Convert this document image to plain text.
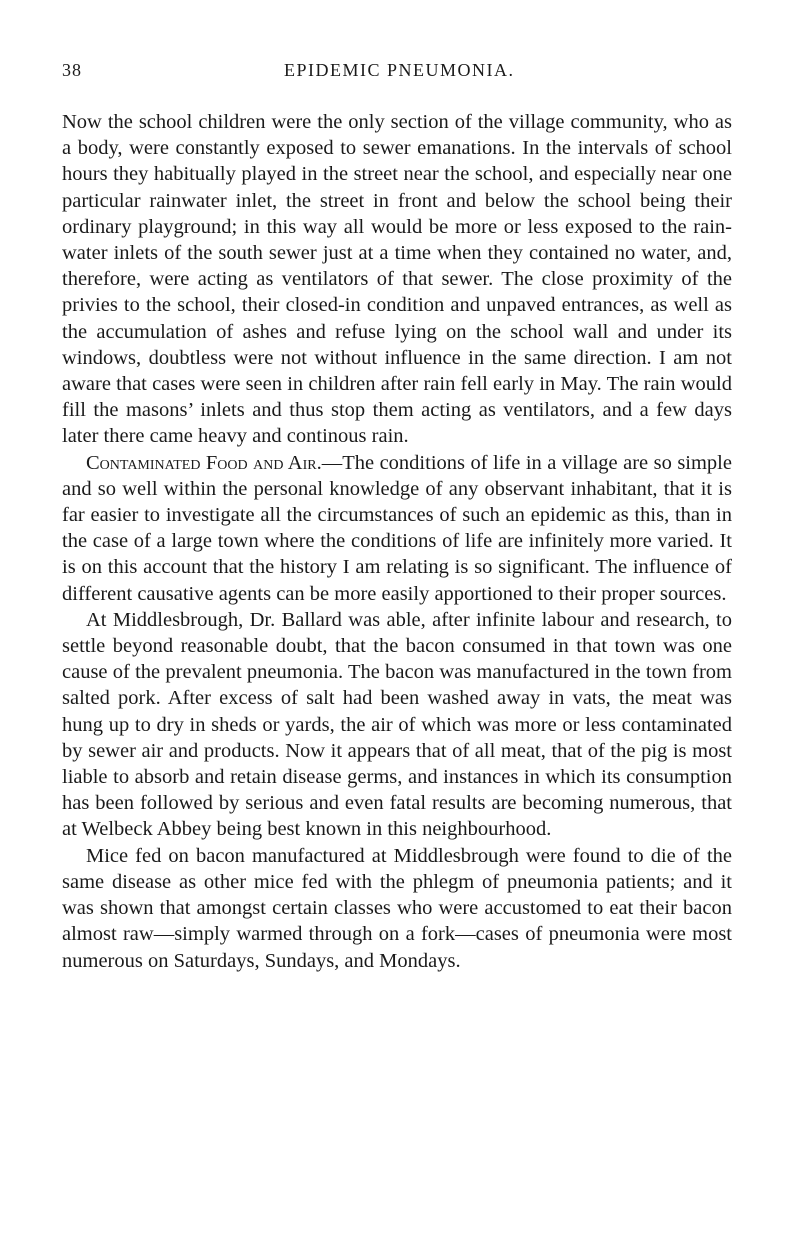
38	EPIDEMIC PNEUMONIA.

Now the school children were the only section of the village community, who as a body, were constantly exposed to sewer emanations. In the intervals of school hours they habitually played in the street near the school, and especially near one particular rainwater inlet, the street in front and below the school being their ordinary playground; in this way all would be more or less exposed to the rain-water inlets of the south sewer just at a time when they contained no water, and, therefore, were acting as ventilators of that sewer. The close proximity of the privies to the school, their closed-in condition and unpaved entrances, as well as the accumulation of ashes and refuse lying on the school wall and under its windows, doubtless were not without influence in the same direction. I am not aware that cases were seen in children after rain fell early in May. The rain would fill the masons’ inlets and thus stop them acting as ventilators, and a few days later there came heavy and continous rain.

Contaminated Food and Air.—The conditions of life in a village are so simple and so well within the personal knowledge of any observant inhabitant, that it is far easier to investigate all the circumstances of such an epidemic as this, than in the case of a large town where the conditions of life are infinitely more varied. It is on this account that the history I am relating is so significant. The influence of different causative agents can be more easily apportioned to their proper sources.

At Middlesbrough, Dr. Ballard was able, after infinite labour and research, to settle beyond reasonable doubt, that the bacon consumed in that town was one cause of the prevalent pneumonia. The bacon was manufactured in the town from salted pork. After excess of salt had been washed away in vats, the meat was hung up to dry in sheds or yards, the air of which was more or less contaminated by sewer air and products. Now it appears that of all meat, that of the pig is most liable to absorb and retain disease germs, and instances in which its consumption has been followed by serious and even fatal results are becoming numerous, that at Welbeck Abbey being best known in this neighbourhood.

Mice fed on bacon manufactured at Middlesbrough were found to die of the same disease as other mice fed with the phlegm of pneumonia patients; and it was shown that amongst certain classes who were accustomed to eat their bacon almost raw—simply warmed through on a fork—cases of pneumonia were most numerous on Saturdays, Sundays, and Mondays.
